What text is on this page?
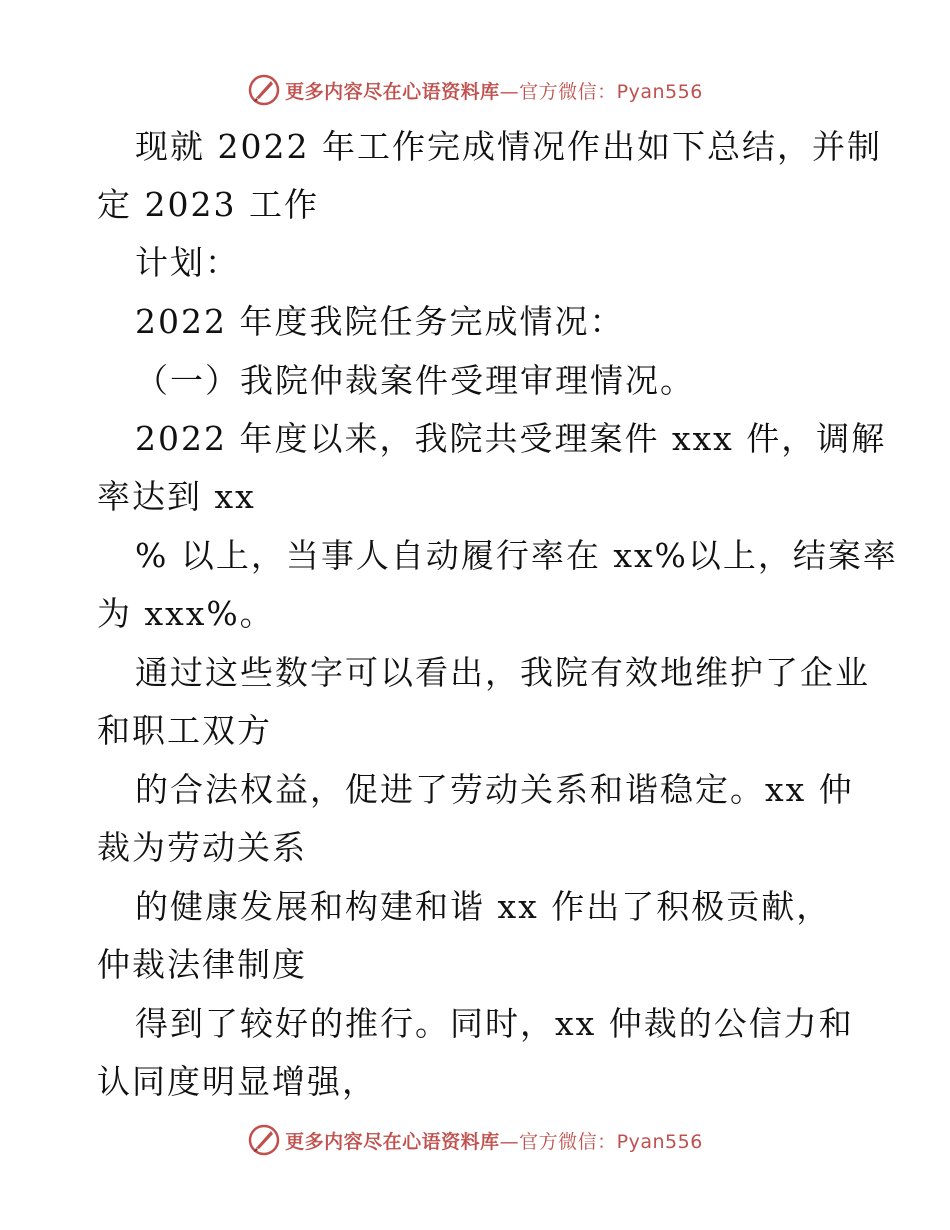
更多内容尽在心语资料库 —官方微信：Pyan556
现就 2022 年工作完成情况作出如下总结，并制
定 2023 工作
计划：
2022 年度我院任务完成情况：
（一）我院仲裁案件受理审理情况。
2022 年度以来，我院共受理案件 xxx 件，调解
率达到 xx
% 以上，当事人自动履行率在 xx%以上，结案率
为 xxx%。
通过这些数字可以看出，我院有效地维护了企业
和职工双方
的合法权益，促进了劳动关系和谐稳定。xx 仲
裁为劳动关系
的健康发展和构建和谐 xx 作出了积极贡献，
仲裁法律制度
得到了较好的推行。同时，xx 仲裁的公信力和
认同度明显增强，
更多内容尽在心语资料库 —官方微信：Pyan556
